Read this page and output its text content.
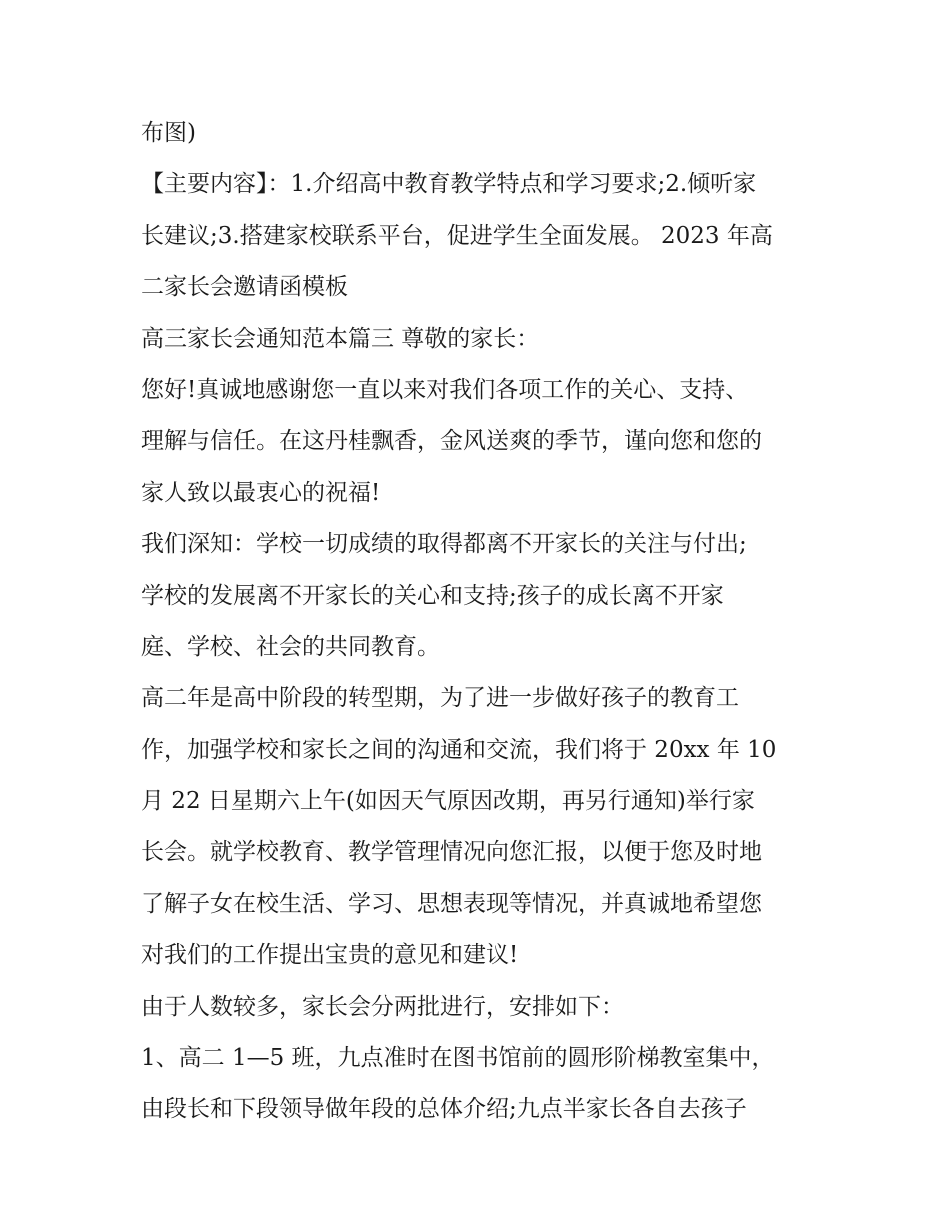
布图)
【主要内容】：1.介绍高中教育教学特点和学习要求;2.倾听家
长建议;3.搭建家校联系平台，促进学生全面发展。 2023 年高
二家长会邀请函模板
高三家长会通知范本篇三 尊敬的家长：
您好!真诚地感谢您一直以来对我们各项工作的关心、支持、
理解与信任。在这丹桂飘香，金风送爽的季节，谨向您和您的
家人致以最衷心的祝福!
我们深知：学校一切成绩的取得都离不开家长的关注与付出;
学校的发展离不开家长的关心和支持;孩子的成长离不开家
庭、学校、社会的共同教育。
高二年是高中阶段的转型期，为了进一步做好孩子的教育工
作，加强学校和家长之间的沟通和交流，我们将于 20xx 年 10
月 22 日星期六上午(如因天气原因改期，再另行通知)举行家
长会。就学校教育、教学管理情况向您汇报，以便于您及时地
了解子女在校生活、学习、思想表现等情况，并真诚地希望您
对我们的工作提出宝贵的意见和建议!
由于人数较多，家长会分两批进行，安排如下：
1、高二 1—5 班，九点准时在图书馆前的圆形阶梯教室集中，
由段长和下段领导做年段的总体介绍;九点半家长各自去孩子
